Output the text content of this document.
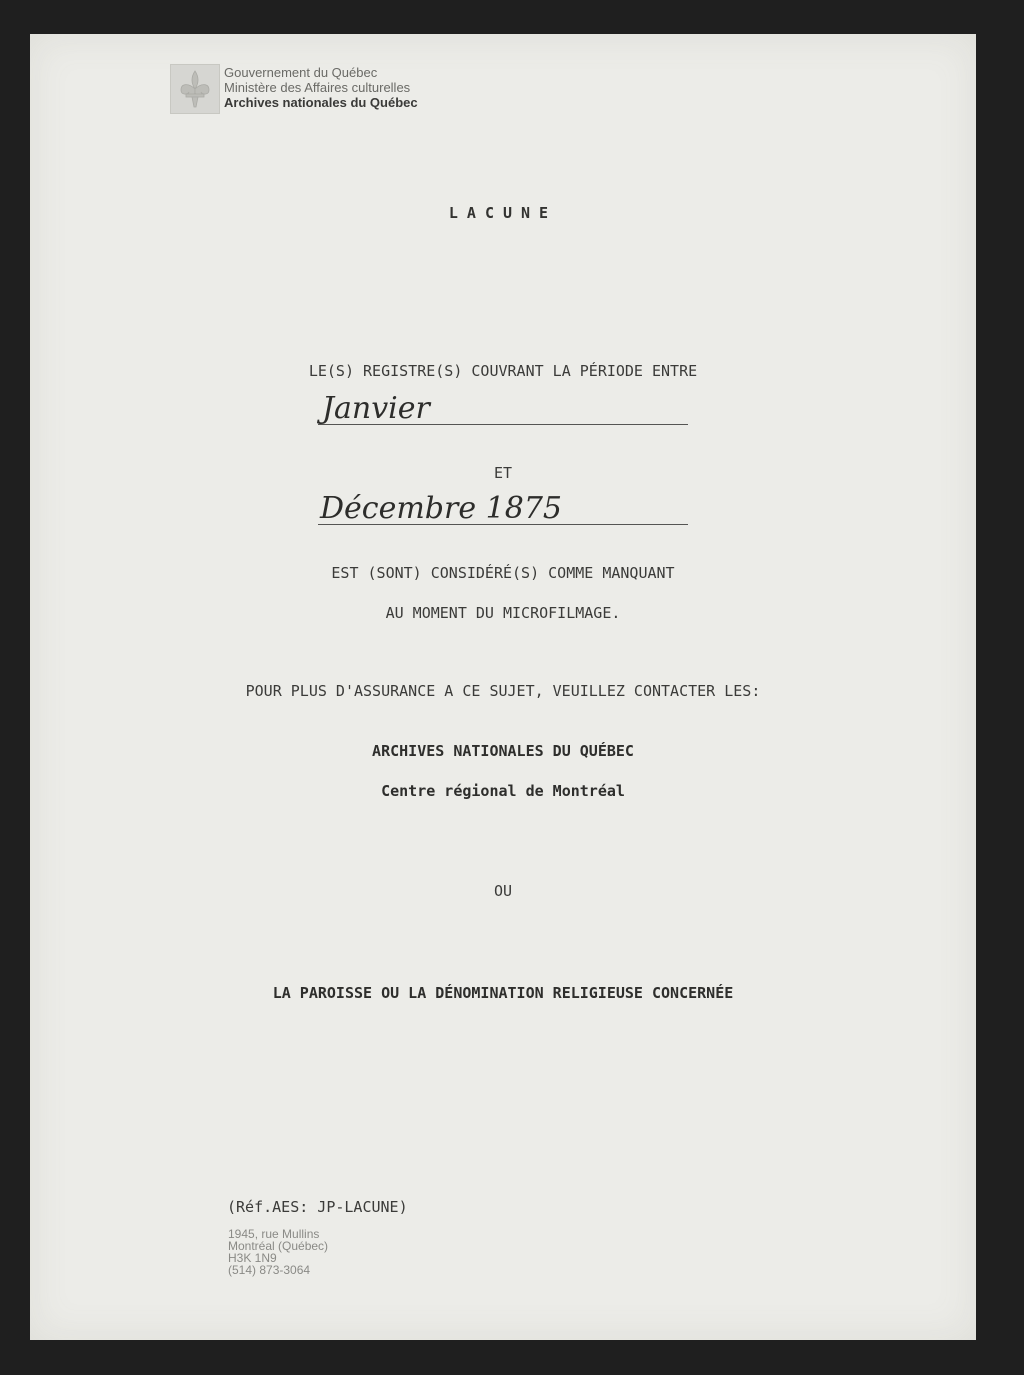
Gouvernement du Québec
Ministère des Affaires culturelles
Archives nationales du Québec
LACUNE
LE(S) REGISTRE(S) COUVRANT LA PÉRIODE ENTRE
Janvier
ET
Décembre 1875
EST (SONT) CONSIDÉRÉ(S) COMME MANQUANT
AU MOMENT DU MICROFILMAGE.
POUR PLUS D'ASSURANCE A CE SUJET, VEUILLEZ CONTACTER LES:
ARCHIVES NATIONALES DU QUÉBEC
Centre régional de Montréal
OU
LA PAROISSE OU LA DÉNOMINATION RELIGIEUSE CONCERNÉE
(Réf.AES: JP-LACUNE)
1945, rue Mullins
Montréal (Québec)
H3K 1N9
(514) 873-3064
